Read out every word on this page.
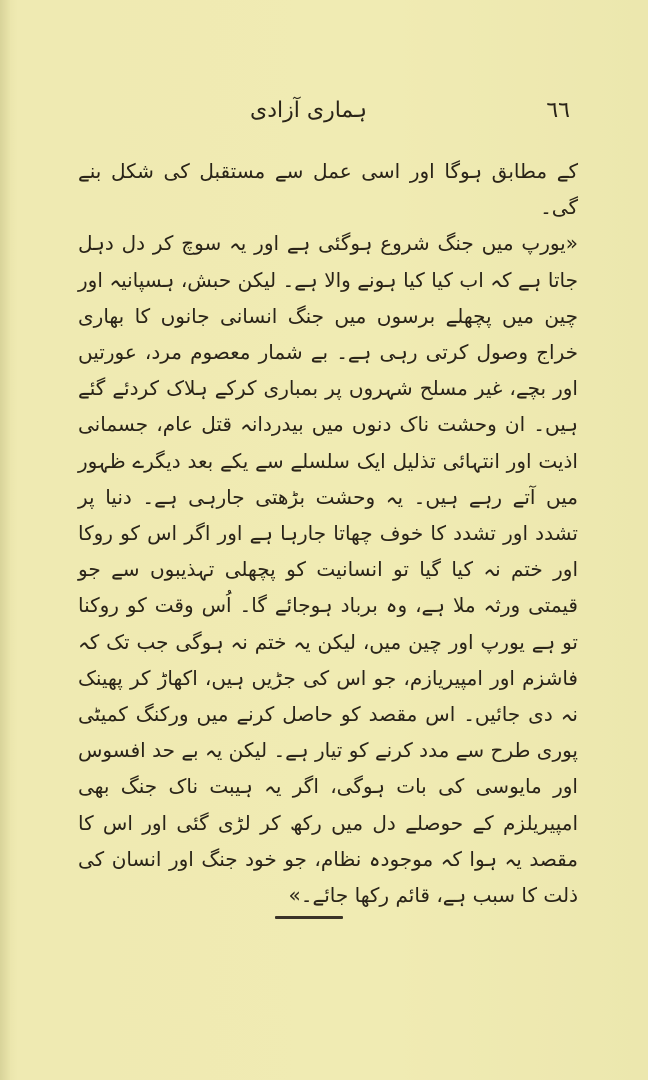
٦٦
ہماری آزادی
کے مطابق ہوگا اور اسی عمل سے مستقبل کی شکل بنے گی۔
«یورپ میں جنگ شروع ہوگئی ہے اور یہ سوچ کر دل دہل جاتا ہے کہ اب کیا کیا ہونے والا ہے۔ لیکن حبش، ہسپانیہ اور چین میں پچھلے برسوں میں جنگ انسانی جانوں کا بھاری خراج وصول کرتی رہی ہے۔ بے شمار معصوم مرد، عورتیں اور بچے، غیر مسلح شہروں پر بمباری کرکے ہلاک کردئے گئے ہیں۔ ان وحشت ناک دنوں میں بیدردانہ قتل عام، جسمانی اذیت اور انتہائی تذلیل ایک سلسلے سے یکے بعد دیگرے ظہور میں آتے رہے ہیں۔ یہ وحشت بڑھتی جارہی ہے۔ دنیا پر تشدد اور تشدد کا خوف چھاتا جارہا ہے اور اگر اس کو روکا اور ختم نہ کیا گیا تو انسانیت کو پچھلی تہذیبوں سے جو قیمتی ورثہ ملا ہے، وہ برباد ہوجائے گا۔ اُس وقت کو روکنا تو ہے یورپ اور چین میں، لیکن یہ ختم نہ ہوگی جب تک کہ فاشزم اور امپیریازم، جو اس کی جڑیں ہیں، اکھاڑ کر پھینک نہ دی جائیں۔ اس مقصد کو حاصل کرنے میں ورکنگ کمیٹی پوری طرح سے مدد کرنے کو تیار ہے۔ لیکن یہ بے حد افسوس اور مایوسی کی بات ہوگی، اگر یہ ہیبت ناک جنگ بھی امپیریلزم کے حوصلے دل میں رکھ کر لڑی گئی اور اس کا مقصد یہ ہوا کہ موجودہ نظام، جو خود جنگ اور انسان کی ذلت کا سبب ہے، قائم رکھا جائے۔»
